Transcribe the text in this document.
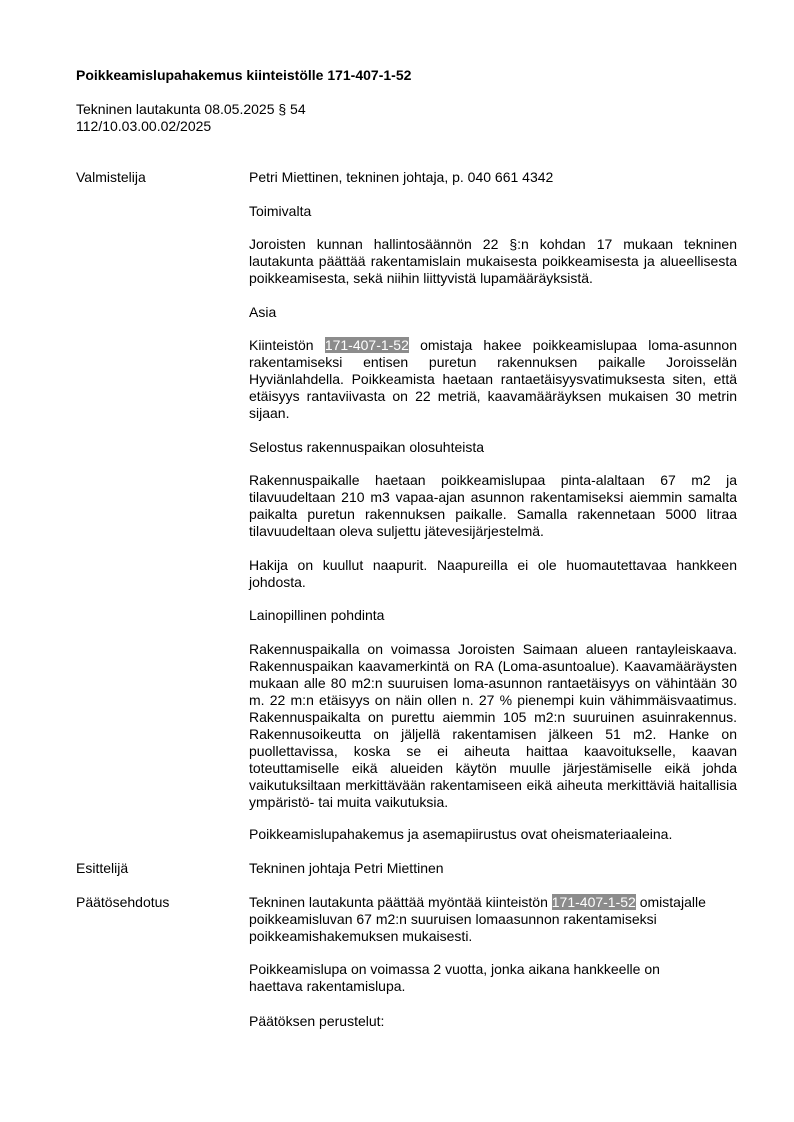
Poikkeamislupahakemus kiinteistölle 171-407-1-52
Tekninen lautakunta 08.05.2025 § 54
112/10.03.00.02/2025
Valmistelija	Petri Miettinen, tekninen johtaja, p. 040 661 4342
Toimivalta
Joroisten kunnan hallintosäännön 22 §:n kohdan 17 mukaan tekninen lautakunta päättää rakentamislain mukaisesta poikkeamisesta ja alueellisesta poikkeamisesta, sekä niihin liittyvistä lupamääräyksistä.
Asia
Kiinteistön 171-407-1-52 omistaja hakee poikkeamislupaa loma-asunnon rakentamiseksi entisen puretun rakennuksen paikalle Joroisselän Hyviänlahdella. Poikkeamista haetaan rantaetäisyysvatimuksesta siten, että etäisyys rantaviivasta on 22 metriä, kaavamääräyksen mukaisen 30 metrin sijaan.
Selostus rakennuspaikan olosuhteista
Rakennuspaikalle haetaan poikkeamislupaa pinta-alaltaan 67 m2 ja tilavuudeltaan 210 m3 vapaa-ajan asunnon rakentamiseksi aiemmin samalta paikalta puretun rakennuksen paikalle. Samalla rakennetaan 5000 litraa tilavuudeltaan oleva suljettu jätevesijärjestelmä.
Hakija on kuullut naapurit. Naapureilla ei ole huomautettavaa hankkeen johdosta.
Lainopillinen pohdinta
Rakennuspaikalla on voimassa Joroisten Saimaan alueen rantayleiskaava. Rakennuspaikan kaavamerkintä on RA (Loma-asuntoalue). Kaavamääräysten mukaan alle 80 m2:n suuruisen loma-asunnon rantaetäisyys on vähintään 30 m. 22 m:n etäisyys on näin ollen n. 27 % pienempi kuin vähimmäisvaatimus. Rakennuspaikalta on purettu aiemmin 105 m2:n suuruinen asuinrakennus. Rakennusoikeutta on jäljellä rakentamisen jälkeen 51 m2. Hanke on puollettavissa, koska se ei aiheuta haittaa kaavoitukselle, kaavan toteuttamiselle eikä alueiden käytön muulle järjestämiselle eikä johda vaikutuksiltaan merkittävään rakentamiseen eikä aiheuta merkittäviä haitallisia ympäristö- tai muita vaikutuksia.
Poikkeamislupahakemus ja asemapiirustus ovat oheismateriaaleina.
Esittelijä	Tekninen johtaja Petri Miettinen
Päätösehdotus	Tekninen lautakunta päättää myöntää kiinteistön 171-407-1-52 omistajalle
poikkeamisluvan 67 m2:n suuruisen lomaasunnon rakentamiseksi
poikkeamishakemuksen mukaisesti.
Poikkeamislupa on voimassa 2 vuotta, jonka aikana hankkeelle on
haettava rakentamislupa.
Päätöksen perustelut:
